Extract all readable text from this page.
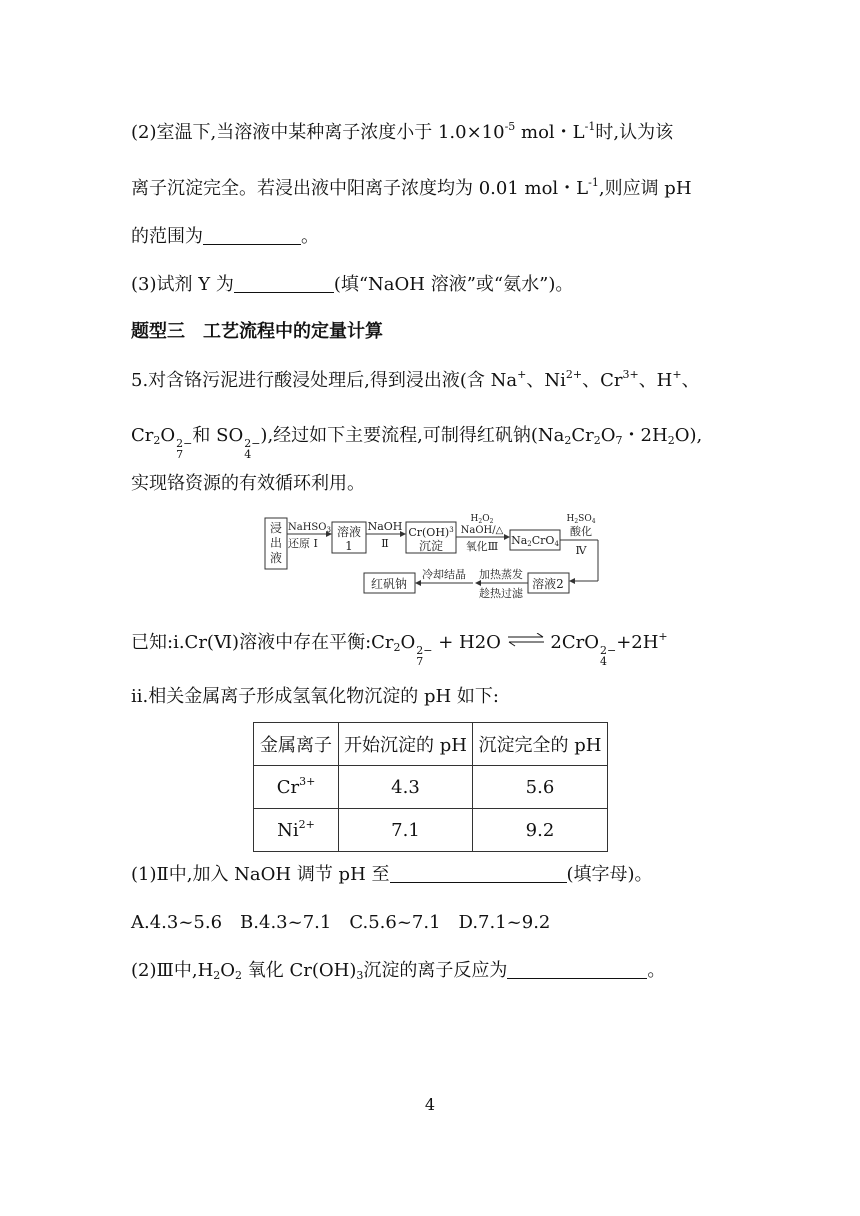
(2)室温下,当溶液中某种离子浓度小于 $1.0\times 10^{-5}$ mol・$L^{-1}$时,认为该
离子沉淀完全。若浸出液中阳离子浓度均为 0.01 mol・$L^{-1}$,则应调 pH
的范围为	。
(3)试剂 Y 为	(填“NaOH 溶液”或“氨水”)。
题型三　工艺流程中的定量计算
5.对含铬污泥进行酸浸处理后,得到浸出液(含 Na+、$Ni^{2+}$、$Cr^{3+}$、H+、
$Cr_2O$ 2−
7
和 SO 2−
4
),经过如下主要流程,可制得红矾钠($Na_2Cr_2O_7$・$2H_2O$),
实现铬资源的有效循环利用。
浸
出
液
NaHSO$_3$
还原 Ⅰ
溶液
1
NaOH
Ⅱ
Cr(OH)$^3$
沉淀
$H_2O_2$
NaOH/△
氧化Ⅲ Na2CrO4
$H_2SO_4$
酸化
Ⅳ
溶液2
加热蒸发
趁热过滤
冷却结晶
红矾钠
已知:ⅰ.Cr(Ⅵ)溶液中存在平衡$:Cr_2O$ 2−
7
+ H2O ⇌ 2CrO 2−
4
+2H+
ⅱ.相关金属离子形成氢氧化物沉淀的 pH 如下:
金属离子	开始沉淀的 pH	沉淀完全的 pH
$Cr^{3+}$	4.3	5.6
$Ni^{2+}$	7.1	9.2
(1)Ⅱ中,加入 NaOH 调节 pH 至	(填字母)。
A.4.3~5.6　B.4.3~7.1　C.5.6~7.1　D.7.1~9.2
(2)Ⅲ中$,H_2O_2$ 氧化 $Cr(OH)_3$沉淀的离子反应为	。
4
